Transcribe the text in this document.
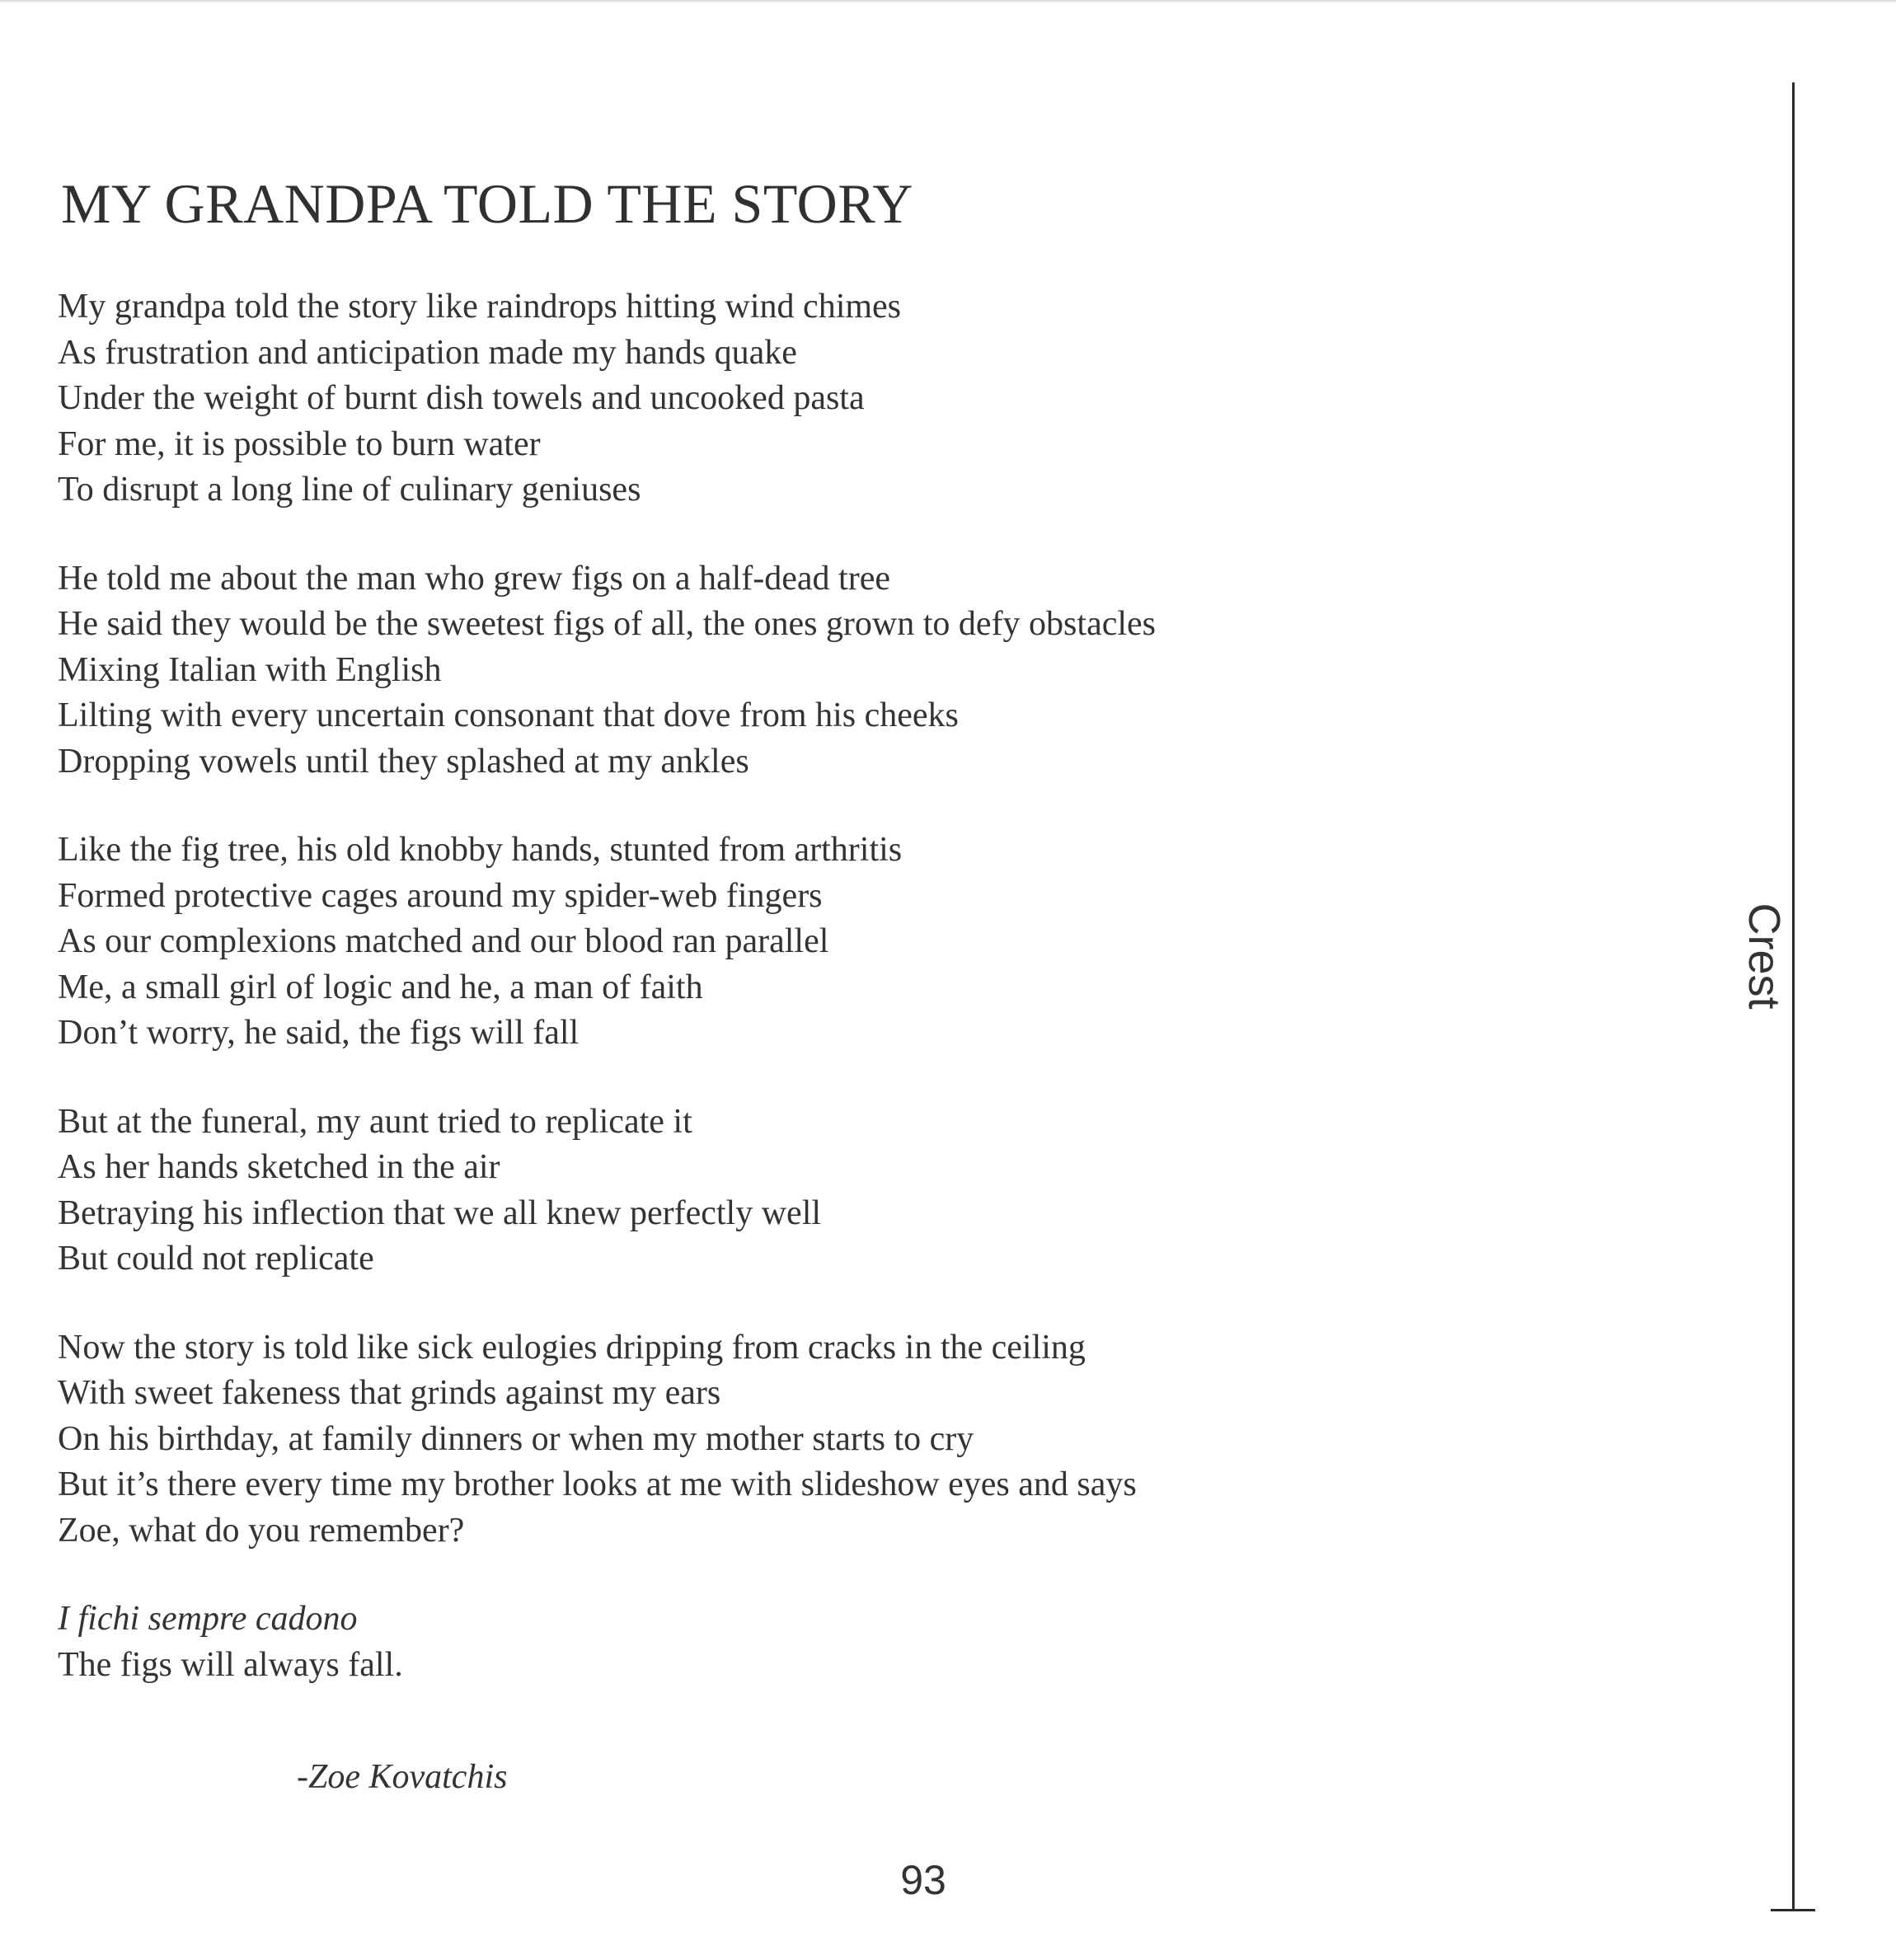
MY GRANDPA TOLD THE STORY
My grandpa told the story like raindrops hitting wind chimes
As frustration and anticipation made my hands quake
Under the weight of burnt dish towels and uncooked pasta
For me, it is possible to burn water
To disrupt a long line of culinary geniuses
He told me about the man who grew figs on a half-dead tree
He said they would be the sweetest figs of all, the ones grown to defy obstacles
Mixing Italian with English
Lilting with every uncertain consonant that dove from his cheeks
Dropping vowels until they splashed at my ankles
Like the fig tree, his old knobby hands, stunted from arthritis
Formed protective cages around my spider-web fingers
As our complexions matched and our blood ran parallel
Me, a small girl of logic and he, a man of faith
Don’t worry, he said, the figs will fall
But at the funeral, my aunt tried to replicate it
As her hands sketched in the air
Betraying his inflection that we all knew perfectly well
But could not replicate
Now the story is told like sick eulogies dripping from cracks in the ceiling
With sweet fakeness that grinds against my ears
On his birthday, at family dinners or when my mother starts to cry
But it’s there every time my brother looks at me with slideshow eyes and says
Zoe, what do you remember?
I fichi sempre cadono
The figs will always fall.
-Zoe Kovatchis
93
Crest
